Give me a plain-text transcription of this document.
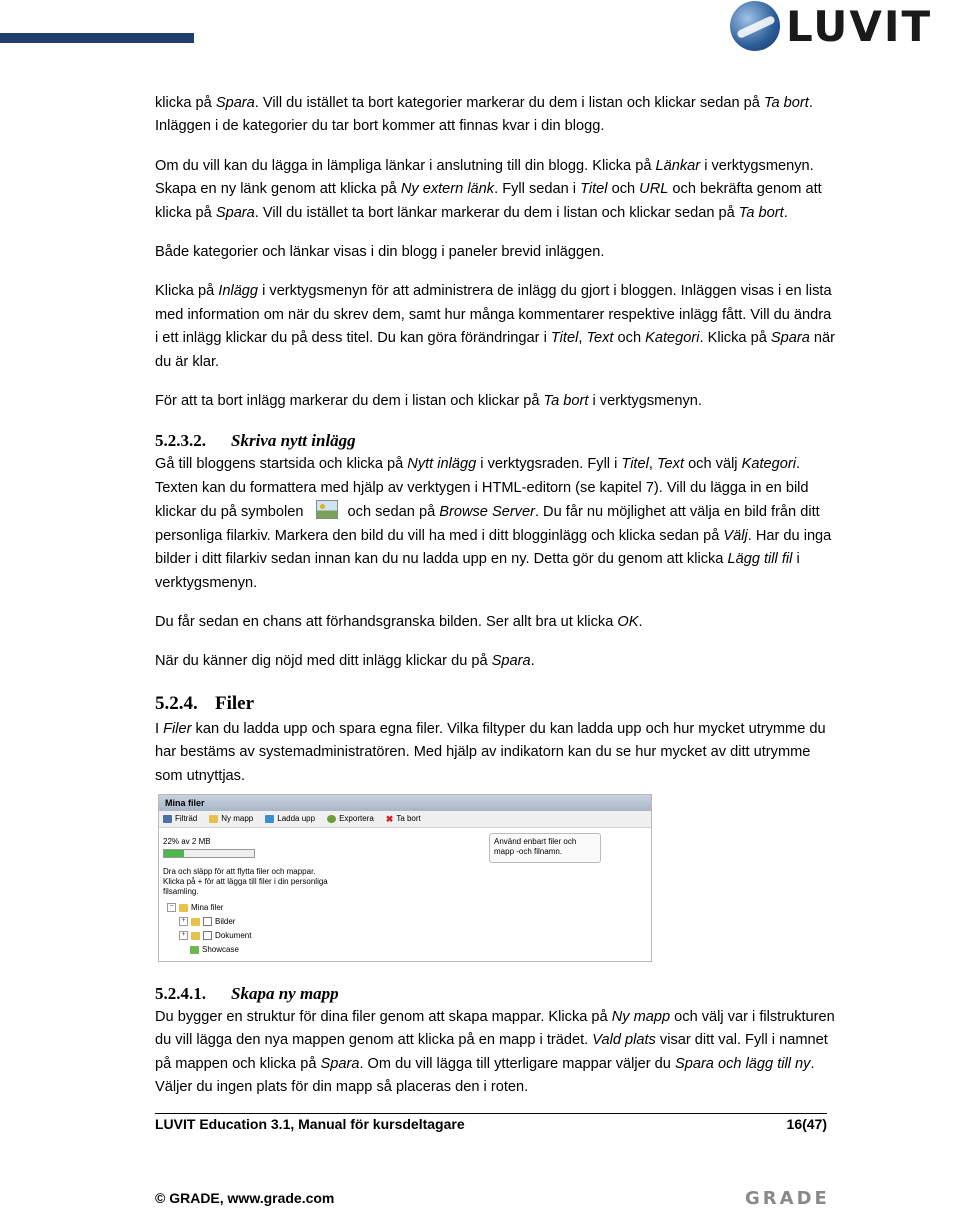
LUVIT

klicka på Spara. Vill du istället ta bort kategorier markerar du dem i listan och klickar sedan på Ta bort. Inläggen i de kategorier du tar bort kommer att finnas kvar i din blogg.

Om du vill kan du lägga in lämpliga länkar i anslutning till din blogg. Klicka på Länkar i verktygsmenyn. Skapa en ny länk genom att klicka på Ny extern länk. Fyll sedan i Titel och URL och bekräfta genom att klicka på Spara. Vill du istället ta bort länkar markerar du dem i listan och klickar sedan på Ta bort.

Både kategorier och länkar visas i din blogg i paneler brevid inläggen.

Klicka på Inlägg i verktygsmenyn för att administrera de inlägg du gjort i bloggen. Inläggen visas i en lista med information om när du skrev dem, samt hur många kommentarer respektive inlägg fått. Vill du ändra i ett inlägg klickar du på dess titel. Du kan göra förändringar i Titel, Text och Kategori. Klicka på Spara när du är klar.

För att ta bort inlägg markerar du dem i listan och klickar på Ta bort i verktygsmenyn.

5.2.3.2. Skriva nytt inlägg

Gå till bloggens startsida och klicka på Nytt inlägg i verktygsraden. Fyll i Titel, Text och välj Kategori. Texten kan du formattera med hjälp av verktygen i HTML-editorn (se kapitel 7). Vill du lägga in en bild klickar du på symbolen  och sedan på Browse Server. Du får nu möjlighet att välja en bild från ditt personliga filarkiv. Markera den bild du vill ha med i ditt blogginlägg och klicka sedan på Välj. Har du inga bilder i ditt filarkiv sedan innan kan du nu ladda upp en ny. Detta gör du genom att klicka Lägg till fil i verktygsmenyn.

Du får sedan en chans att förhandsgranska bilden. Ser allt bra ut klicka OK.

När du känner dig nöjd med ditt inlägg klickar du på Spara.

5.2.4. Filer

I Filer kan du ladda upp och spara egna filer. Vilka filtyper du kan ladda upp och hur mycket utrymme du har bestäms av systemadministratören. Med hjälp av indikatorn kan du se hur mycket av ditt utrymme som utnyttjas.

Mina filer
Filträd	Ny mapp	Ladda upp	Exportera ✖ Ta bort
22% av 2 MB
Dra och släpp för att flytta filer och mappar. Klicka på + för att lägga till filer i din personliga filsamling.
Använd enbart filer och mapp -och filnamn.
−	Mina filer
+	Bilder
+	Dokument
Showcase
5.2.4.1. Skapa ny mapp

Du bygger en struktur för dina filer genom att skapa mappar. Klicka på Ny mapp och välj var i filstrukturen du vill lägga den nya mappen genom att klicka på en mapp i trädet. Vald plats visar ditt val. Fyll i namnet på mappen och klicka på Spara. Om du vill lägga till ytterligare mappar väljer du Spara och lägg till ny. Väljer du ingen plats för din mapp så placeras den i roten.

LUVIT Education 3.1, Manual för kursdeltagare	16(47)
© GRADE, www.grade.com	GRADE
